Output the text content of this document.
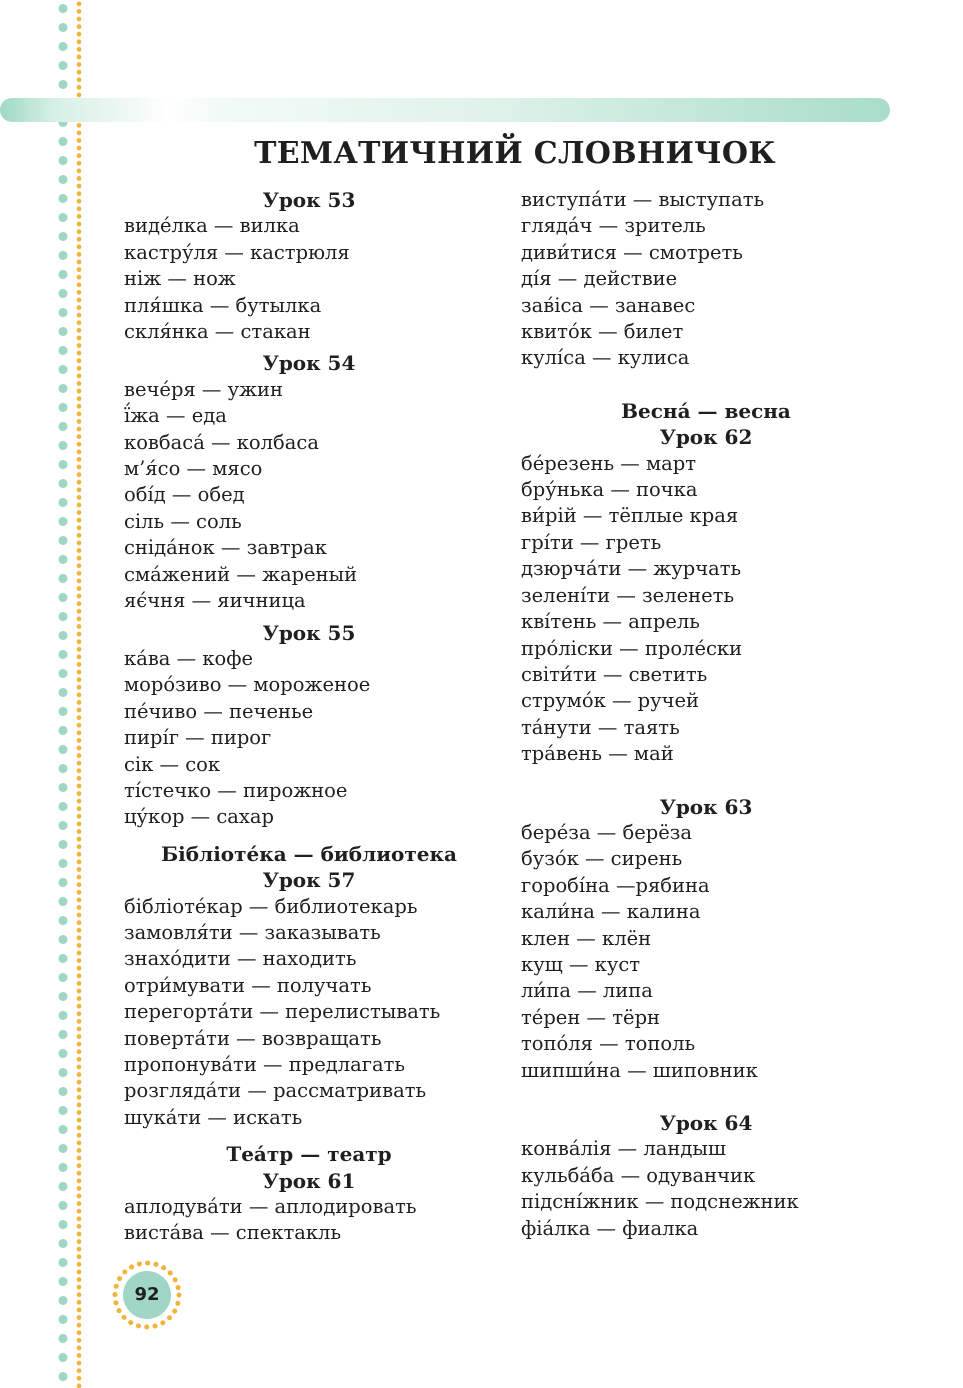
ТЕМАТИЧНИЙ СЛОВНИЧОК
Урок 53
виде́лка — вилка
кастру́ля — кастрюля
ніж — нож
пля́шка — бутылка
скля́нка — стакан
Урок 54
вече́ря — ужин
ї́жа — еда
ковбаса́ — колбаса
м’я́со — мясо
обі́д — обед
сіль — соль
сніда́нок — завтрак
сма́жений — жареный
яє́чня — яичница
Урок 55
ка́ва — кофе
моро́зиво — мороженое
пе́чиво — печенье
пирі́г — пирог
сік — сок
ті́стечко — пирожное
цу́кор — сахар
Бібліоте́ка — библиотека
Урок 57
бібліоте́кар — библиотекарь
замовля́ти — заказывать
знахо́дити — находить
отри́мувати — получать
перегорта́ти — перелистывать
поверта́ти — возвращать
пропонува́ти — предлагать
розгляда́ти — рассматривать
шука́ти — искать
Теа́тр — театр
Урок 61
аплодува́ти — аплодировать
виста́ва — спектакль
виступа́ти — выступать
гляда́ч — зритель
диви́тися — смотреть
ді́я — действие
зав́іса — занавес
квито́к — билет
кулі́са — кулиса
Весна́ — весна
Урок 62
бе́резень — март
бру́нька — почка
ви́рій — тёплые края
грі́ти — греть
дзюрча́ти — журчать
зелені́ти — зеленеть
кві́тень — апрель
про́ліски — проле́ски
світи́ти — светить
струмо́к — ручей
та́нути — таять
тра́вень — май
Урок 63
бере́за — берёза
бузо́к — сирень
горобі́на —рябина
кали́на — калина
клен — клён
кущ — куст
ли́па — липа
те́рен — тёрн
топо́ля — тополь
шипши́на — шиповник
Урок 64
конва́лія — ландыш
кульба́ба — одуванчик
підсні́жник — подснежник
фіа́лка — фиалка
92
